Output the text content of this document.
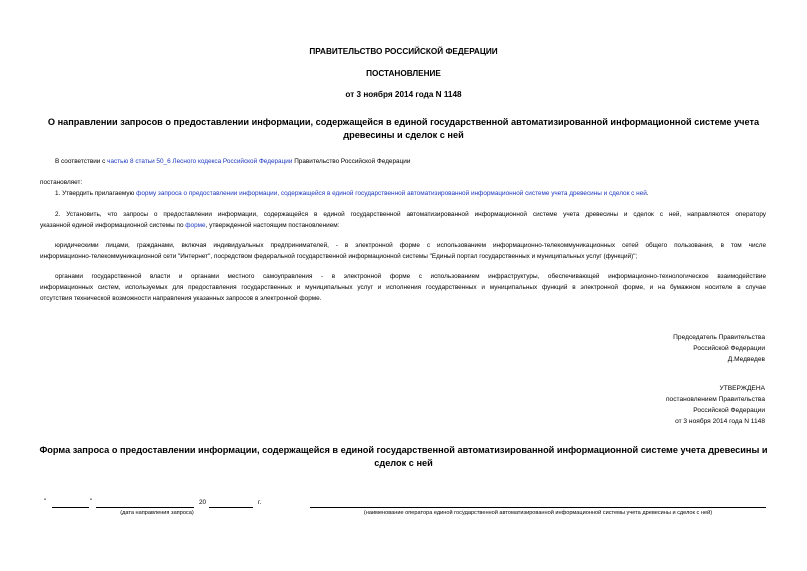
ПРАВИТЕЛЬСТВО РОССИЙСКОЙ ФЕДЕРАЦИИ
ПОСТАНОВЛЕНИЕ
от 3 ноября 2014 года N 1148
О направлении запросов о предоставлении информации, содержащейся в единой государственной автоматизированной информационной системе учета
древесины и сделок с ней
В соответствии с частью 8 статьи 50_6 Лесного кодекса Российской Федерации Правительство Российской Федерации
постановляет:
1. Утвердить прилагаемую форму запроса о предоставлении информации, содержащейся в единой государственной автоматизированной информационной системе учета древесины и сделок с ней.
2. Установить, что запросы о предоставлении информации, содержащейся в единой государственной автоматизированной информационной системе учета древесины и сделок с ней, направляются оператору
указанной единой информационной системы по форме, утвержденной настоящим постановлением:
юридическими лицами, гражданами, включая индивидуальных предпринимателей, - в электронной форме с использованием информационно-телекоммуникационных сетей общего пользования, в том числе
информационно-телекоммуникационной сети "Интернет", посредством федеральной государственной информационной системы "Единый портал государственных и муниципальных услуг (функций)";
органами государственной власти и органами местного самоуправления - в электронной форме с использованием инфраструктуры, обеспечивающей информационно-технологическое взаимодействие
информационных систем, используемых для предоставления государственных и муниципальных услуг и исполнения государственных и муниципальных функций в электронной форме, и на бумажном носителе в случае
отсутствия технической возможности направления указанных запросов в электронной форме.
Председатель Правительства
Российской Федерации
Д.Медведев
УТВЕРЖДЕНА
постановлением Правительства
Российской Федерации
от 3 ноября 2014 года N 1148
Форма запроса о предоставлении информации, содержащейся в единой государственной автоматизированной информационной системе учета древесины и
сделок с ней
"	"	20	г.
(дата направления запроса)	(наименование оператора единой государственной автоматизированной информационной системы учета древесины и сделок с ней)
